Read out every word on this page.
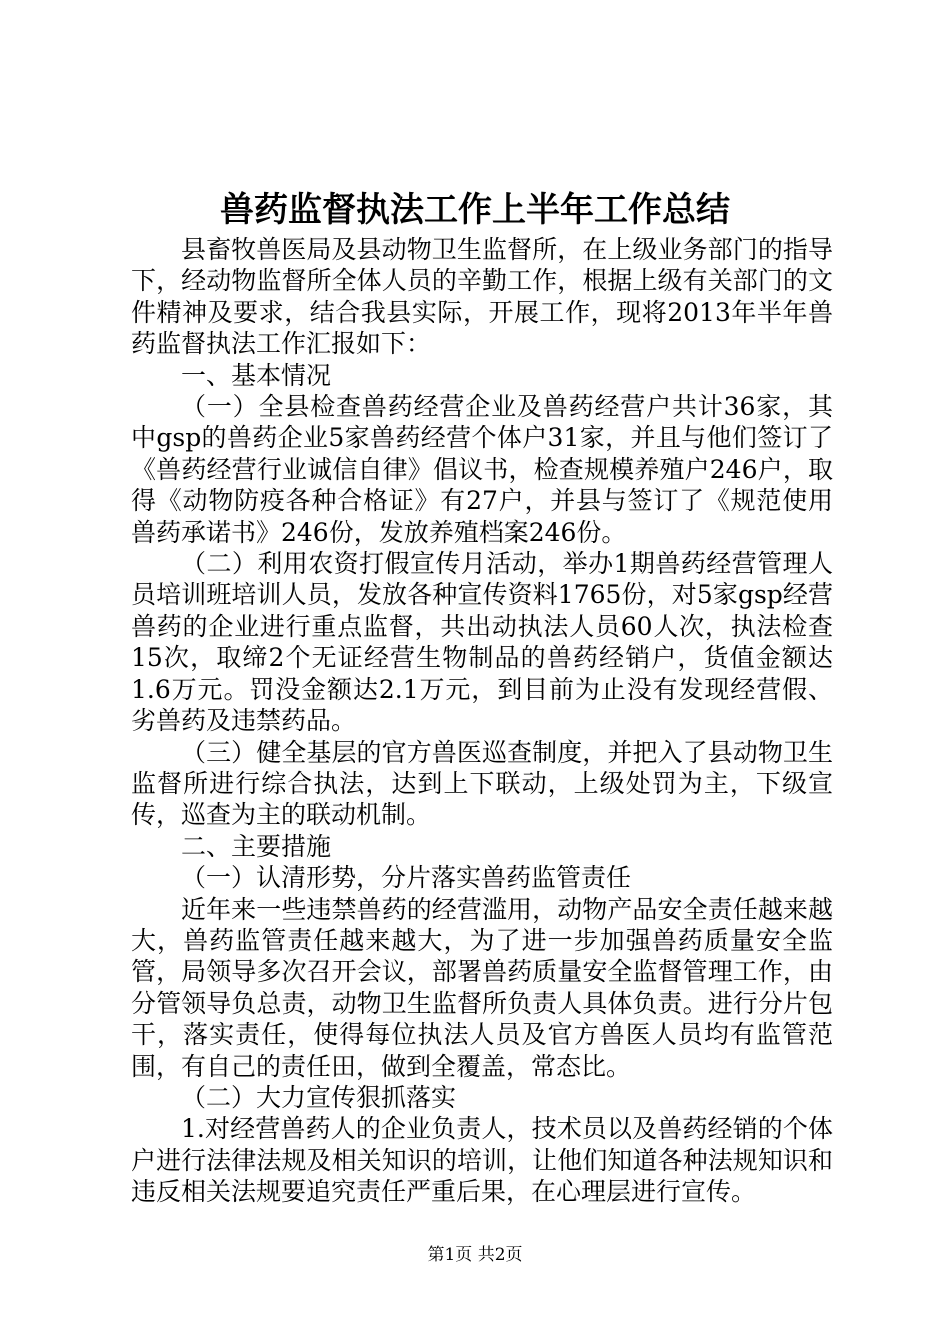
兽药监督执法工作上半年工作总结

县畜牧兽医局及县动物卫生监督所，在上级业务部门的指导下，经动物监督所全体人员的辛勤工作，根据上级有关部门的文件精神及要求，结合我县实际，开展工作，现将2013年半年兽药监督执法工作汇报如下：

一、基本情况

（一）全县检查兽药经营企业及兽药经营户共计36家，其中gsp的兽药企业5家兽药经营个体户31家，并且与他们签订了《兽药经营行业诚信自律》倡议书，检查规模养殖户246户，取得《动物防疫各种合格证》有27户，并县与签订了《规范使用兽药承诺书》246份，发放养殖档案246份。

（二）利用农资打假宣传月活动，举办1期兽药经营管理人员培训班培训人员，发放各种宣传资料1765份，对5家gsp经营兽药的企业进行重点监督，共出动执法人员60人次，执法检查15次，取缔2个无证经营生物制品的兽药经销户，货值金额达1.6万元。罚没金额达2.1万元，到目前为止没有发现经营假、劣兽药及违禁药品。

（三）健全基层的官方兽医巡查制度，并把入了县动物卫生监督所进行综合执法，达到上下联动，上级处罚为主，下级宣传，巡查为主的联动机制。

二、主要措施

（一）认清形势，分片落实兽药监管责任

近年来一些违禁兽药的经营滥用，动物产品安全责任越来越大，兽药监管责任越来越大，为了进一步加强兽药质量安全监管，局领导多次召开会议，部署兽药质量安全监督管理工作，由分管领导负总责，动物卫生监督所负责人具体负责。进行分片包干，落实责任，使得每位执法人员及官方兽医人员均有监管范围，有自己的责任田，做到全覆盖，常态比。

（二）大力宣传狠抓落实

1.对经营兽药人的企业负责人，技术员以及兽药经销的个体户进行法律法规及相关知识的培训，让他们知道各种法规知识和违反相关法规要追究责任严重后果，在心理层进行宣传。

第1页 共2页
